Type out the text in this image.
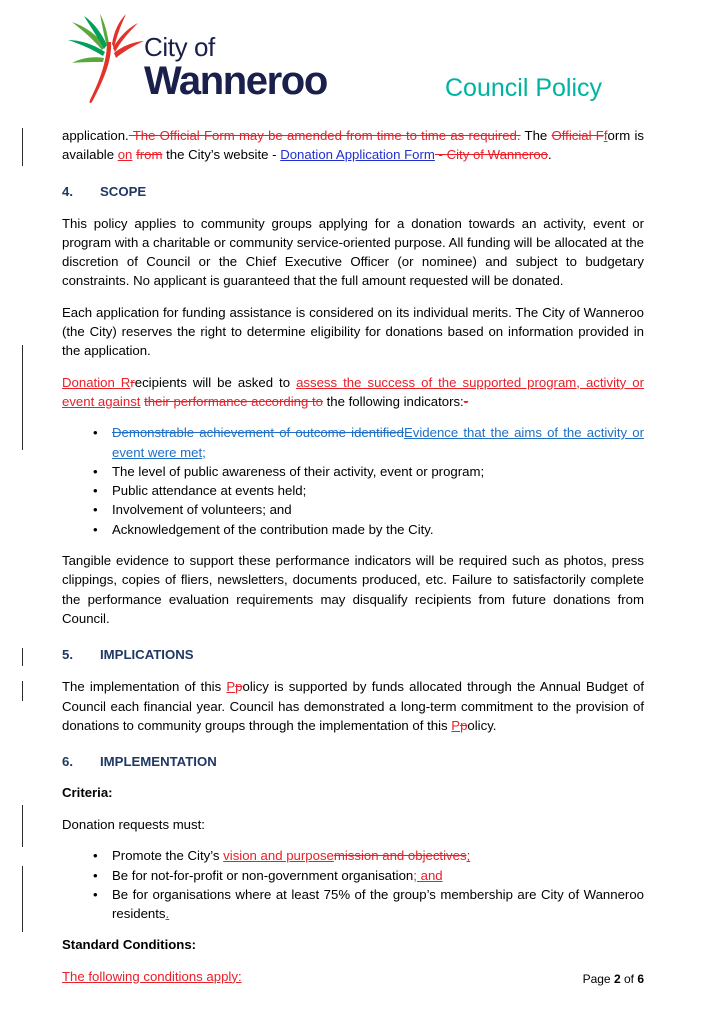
City of
Wanneroo	Council Policy

application. The Official Form may be amended from time to time as required. The Official Fform is available on from the City’s website - Donation Application Form - City of Wanneroo.

4. SCOPE

This policy applies to community groups applying for a donation towards an activity, event or program with a charitable or community service-oriented purpose. All funding will be allocated at the discretion of Council or the Chief Executive Officer (or nominee) and subject to budgetary constraints. No applicant is guaranteed that the full amount requested will be donated.

Each application for funding assistance is considered on its individual merits. The City of Wanneroo (the City) reserves the right to determine eligibility for donations based on information provided in the application.

Donation Rrecipients will be asked to assess the success of the supported program, activity or event against their performance according to the following indicators:-

• Demonstrable achievement of outcome identifiedEvidence that the aims of the activity or event were met;
• The level of public awareness of their activity, event or program;
• Public attendance at events held;
• Involvement of volunteers; and
• Acknowledgement of the contribution made by the City.

Tangible evidence to support these performance indicators will be required such as photos, press clippings, copies of fliers, newsletters, documents produced, etc. Failure to satisfactorily complete the performance evaluation requirements may disqualify recipients from future donations from Council.

5. IMPLICATIONS

The implementation of this Ppolicy is supported by funds allocated through the Annual Budget of Council each financial year. Council has demonstrated a long-term commitment to the provision of donations to community groups through the implementation of this Ppolicy.

6. IMPLEMENTATION
Criteria:

Donation requests must:

• Promote the City’s vision and purposemission and objectives;
• Be for not-for-profit or non-government organisation; and
• Be for organisations where at least 75% of the group’s membership are City of Wanneroo residents.
Standard Conditions:

The following conditions apply:	Page 2 of 6
